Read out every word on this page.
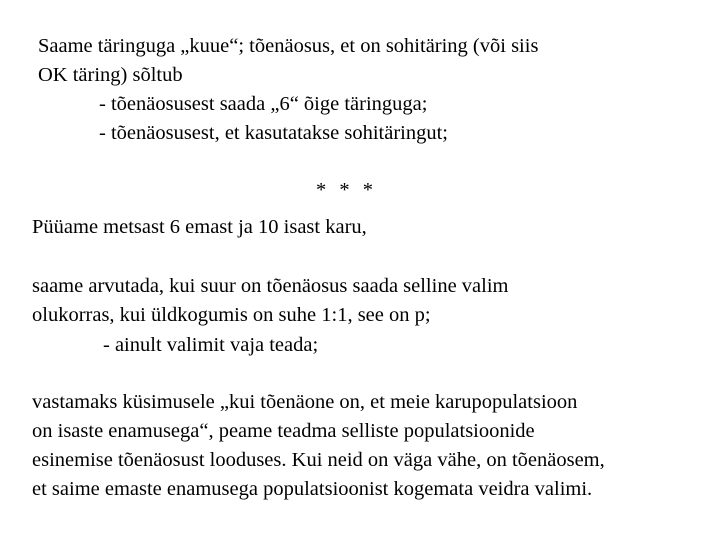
Saame täringuga „kuue“; tõenäosus, et on sohitäring (või siis
OK täring) sõltub
- tõenäosusest saada „6“ õige täringuga;
- tõenäosusest, et kasutatakse sohitäringut;
* * *
Püüame metsast 6 emast ja 10 isast karu,
saame arvutada, kui suur on tõenäosus saada selline valim
olukorras, kui üldkogumis on suhe 1:1, see on p;
- ainult valimit vaja teada;
vastamaks küsimusele „kui tõenäone on, et meie karupopulatsioon
on isaste enamusega“, peame teadma selliste populatsioonide
esinemise tõenäosust looduses. Kui neid on väga vähe, on tõenäosem,
et saime emaste enamusega populatsioonist kogemata veidra valimi.
